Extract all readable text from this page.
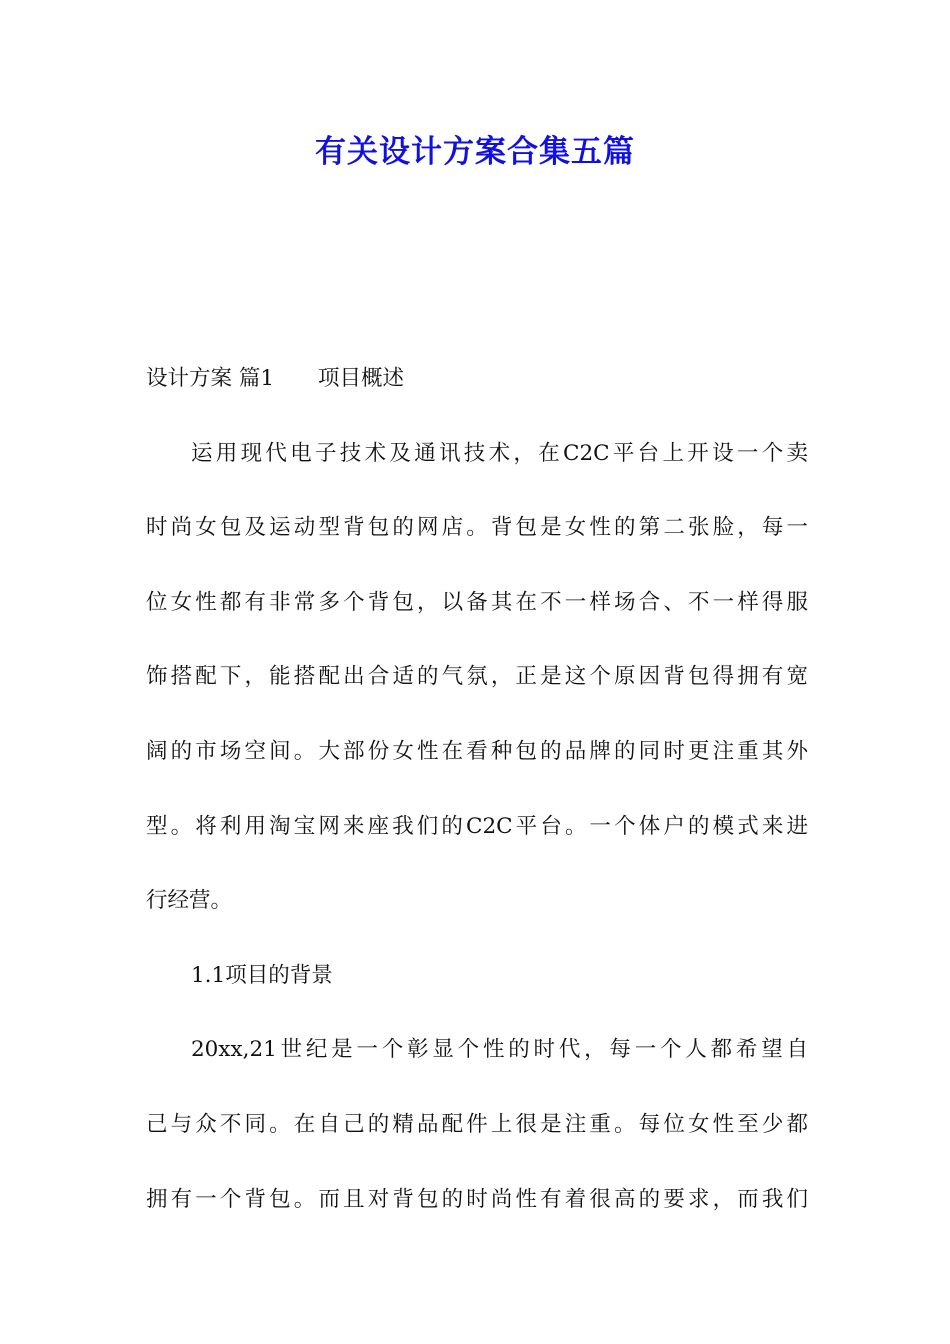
有关设计方案合集五篇
设计方案 篇1 项目概述
运用现代电子技术及通讯技术，在C2C平台上开设一个卖
时尚女包及运动型背包的网店。背包是女性的第二张脸，每一
位女性都有非常多个背包，以备其在不一样场合、不一样得服
饰搭配下，能搭配出合适的气氛，正是这个原因背包得拥有宽
阔的市场空间。大部份女性在看种包的品牌的同时更注重其外
型。将利用淘宝网来座我们的C2C平台。一个体户的模式来进
行经营。
1.1项目的背景
20xx,21世纪是一个彰显个性的时代，每一个人都希望自
己与众不同。在自己的精品配件上很是注重。每位女性至少都
拥有一个背包。而且对背包的时尚性有着很高的要求，而我们
